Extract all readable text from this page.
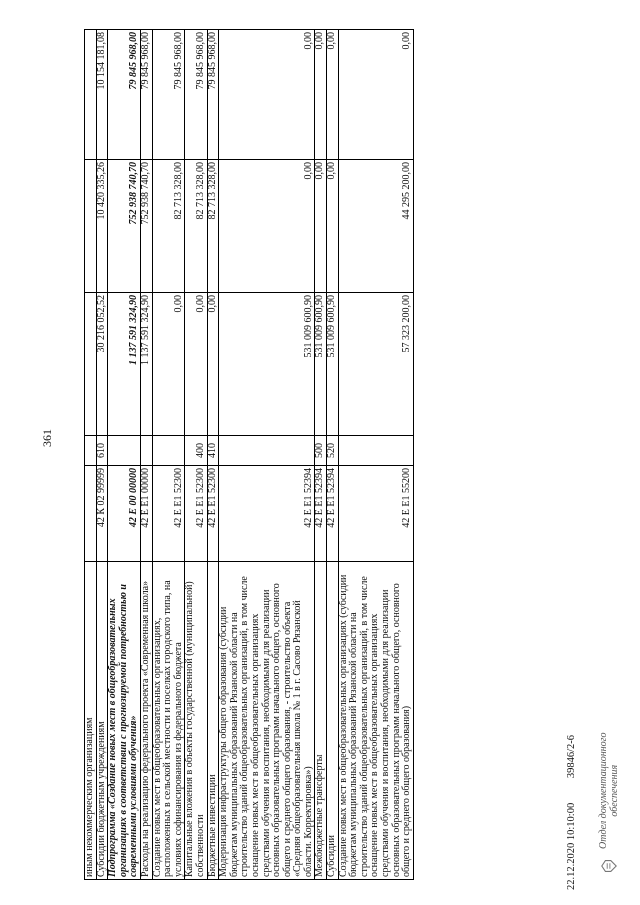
361
иным некоммерческим организациям					
Субсидии бюджетным учреждениям	42 К 02 99999	610	30 216 052,52	10 420 335,26	10 154 181,08
Подпрограмма «Создание новых мест в общеобразовательных организациях в соответствии с прогнозируемой потребностью и современными условиями обучения»	42 Е 00 00000		1 137 591 324,90	752 938 740,70	79 845 968,00
Расходы на реализацию федерального проекта «Современная школа»	42 Е Е1 00000		1 137 591 324,90	752 938 740,70	79 845 968,00
Создание новых мест в общеобразовательных организациях, расположенных в сельской местности и поселках городского типа, на условиях софинансирования из федерального бюджета	42 Е Е1 52300		0,00	82 713 328,00	79 845 968,00
Капитальные вложения в объекты государственной (муниципальной) собственности	42 Е Е1 52300	400	0,00	82 713 328,00	79 845 968,00
Бюджетные инвестиции	42 Е Е1 52300	410	0,00	82 713 328,00	79 845 968,00
Модернизация инфраструктуры общего образования (субсидии бюджетам муниципальных образований Рязанской области на строительство зданий общеобразовательных организаций, в том числе оснащение новых мест в общеобразовательных организациях средствами обучения и воспитания, необходимыми для реализации основных образовательных программ начального общего, основного общего и среднего общего образования, - строительство объекта «Средняя общеобразовательная школа № 1 в г. Сасово Рязанской области. Корректировка»)	42 Е Е1 52394		531 009 600,90	0,00	0,00
Межбюджетные трансферты	42 Е Е1 52394	500	531 009 600,90	0,00	0,00
Субсидии	42 Е Е1 52394	520	531 009 600,90	0,00	0,00
Создание новых мест в общеобразовательных организациях (субсидии бюджетам муниципальных образований Рязанской области на строительство зданий общеобразовательных организаций, в том числе оснащение новых мест в общеобразовательных организациях средствами обучения и воспитания, необходимыми для реализации основных образовательных программ начального общего, основного общего и среднего общего образования)	42 Е Е1 55200		57 323 200,00	44 295 200,00	0,00
22.12.2020 10:10:00 39846/2-6 Отдел документационного обеспечения
